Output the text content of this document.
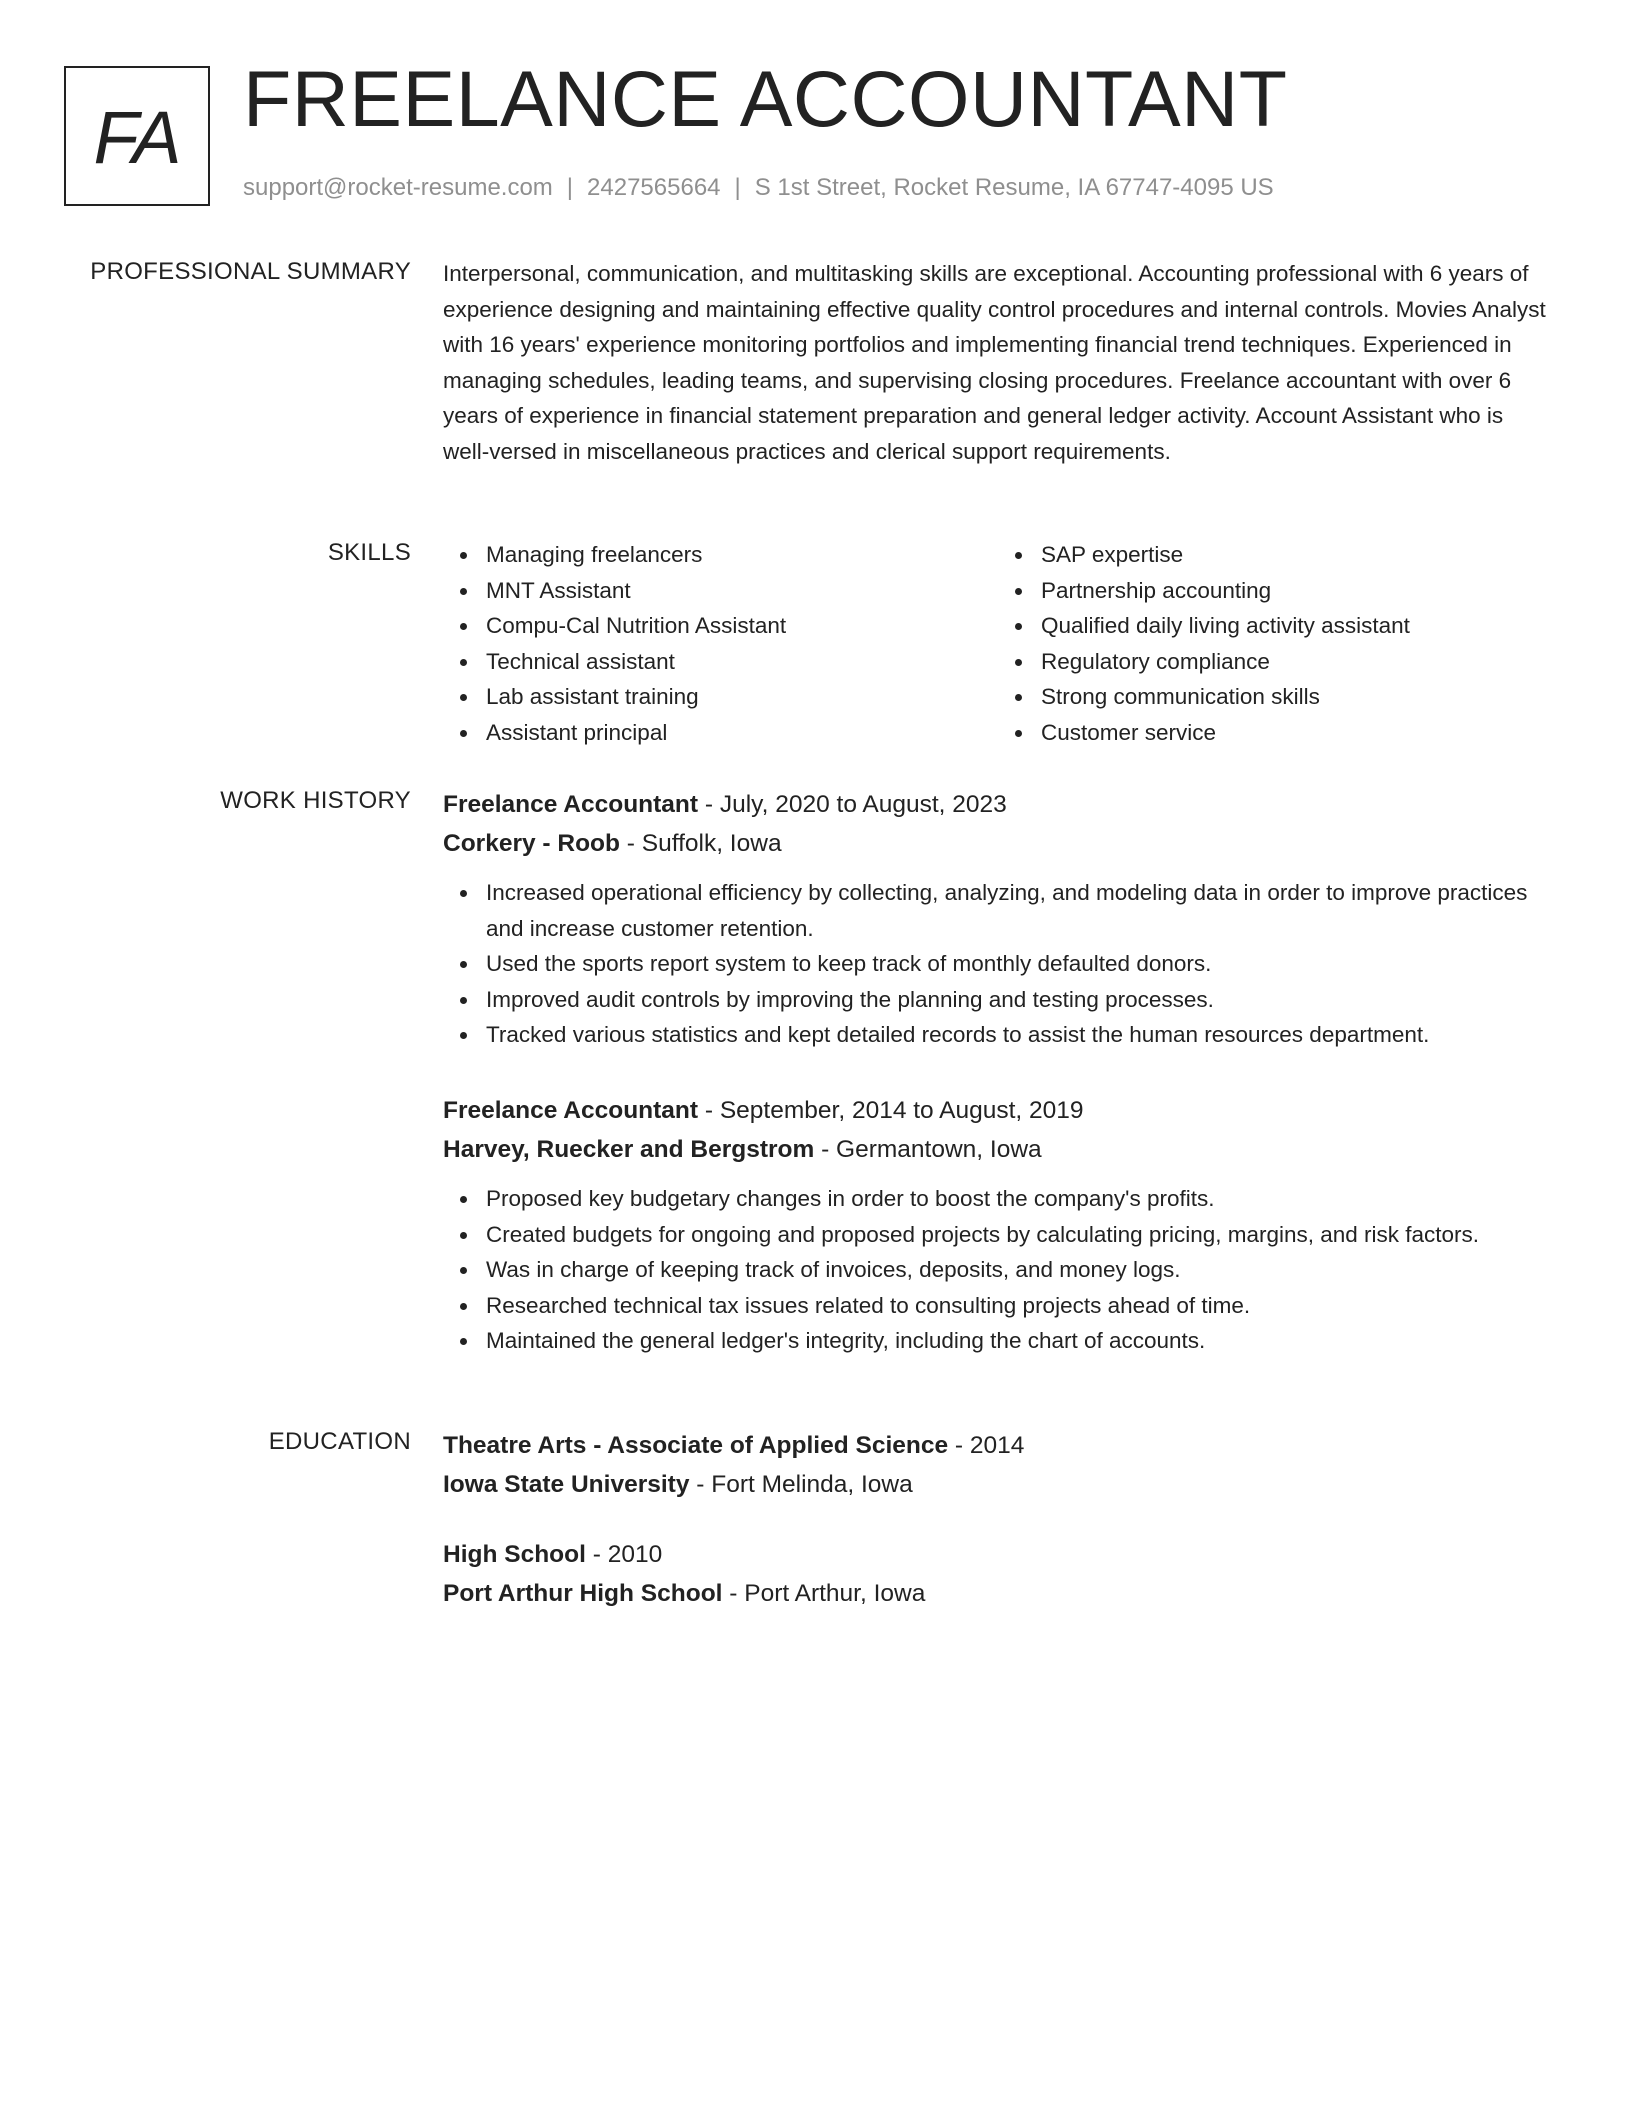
FA FREELANCE ACCOUNTANT
support@rocket-resume.com | 2427565664 | S 1st Street, Rocket Resume, IA 67747-4095 US
PROFESSIONAL SUMMARY Interpersonal, communication, and multitasking skills are exceptional. Accounting professional with 6 years of experience designing and maintaining effective quality control procedures and internal controls. Movies Analyst with 16 years' experience monitoring portfolios and implementing financial trend techniques. Experienced in managing schedules, leading teams, and supervising closing procedures. Freelance accountant with over 6 years of experience in financial statement preparation and general ledger activity. Account Assistant who is well-versed in miscellaneous practices and clerical support requirements.

SKILLS	Managing freelancers
MNT Assistant
Compu-Cal Nutrition Assistant
Technical assistant
Lab assistant training
Assistant principal
SAP expertise
Partnership accounting
Qualified daily living activity assistant
Regulatory compliance
Strong communication skills
Customer service
WORK HISTORY Freelance Accountant - July, 2020 to August, 2023
Corkery - Roob - Suffolk, Iowa
Increased operational efficiency by collecting, analyzing, and modeling data in order to improve practices and increase customer retention.
Used the sports report system to keep track of monthly defaulted donors.
Improved audit controls by improving the planning and testing processes.
Tracked various statistics and kept detailed records to assist the human resources department.
Freelance Accountant - September, 2014 to August, 2019
Harvey, Ruecker and Bergstrom - Germantown, Iowa
Proposed key budgetary changes in order to boost the company's profits.
Created budgets for ongoing and proposed projects by calculating pricing, margins, and risk factors.
Was in charge of keeping track of invoices, deposits, and money logs.
Researched technical tax issues related to consulting projects ahead of time.
Maintained the general ledger's integrity, including the chart of accounts.
EDUCATION Theatre Arts - Associate of Applied Science - 2014
Iowa State University - Fort Melinda, Iowa
High School - 2010
Port Arthur High School - Port Arthur, Iowa
